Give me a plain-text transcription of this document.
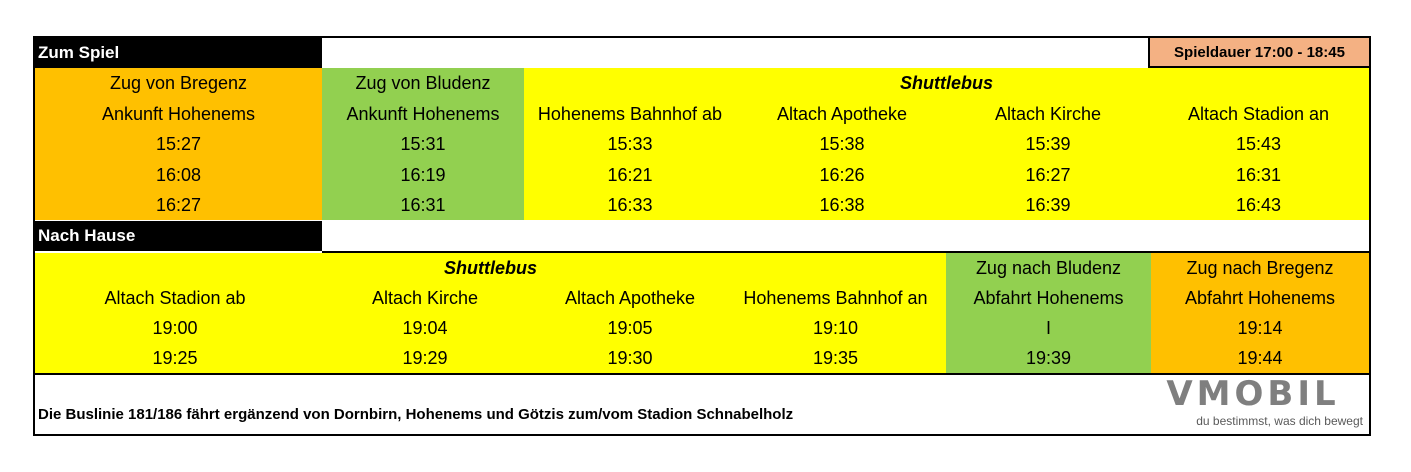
Zum Spiel	Spieldauer 17:00 - 18:45
Zug von Bregenz
Ankunft Hohenems
15:27
16:08
16:27
Zug von Bludenz
Ankunft Hohenems
15:31
16:19
16:31
Shuttlebus
Hohenems Bahnhof ab
15:33
16:21
16:33
Altach Apotheke
15:38
16:26
16:38
Altach Kirche
15:39
16:27
16:39
Altach Stadion an
15:43
16:31
16:43
Nach Hause
Shuttlebus
Altach Stadion ab
19:00
19:25
Altach Kirche
19:04
19:29
Altach Apotheke
19:05
19:30
Hohenems Bahnhof an
19:10
19:35
Zug nach Bludenz
Abfahrt Hohenems
I
19:39
Zug nach Bregenz
Abfahrt Hohenems
19:14
19:44
Die Buslinie 181/186 fährt ergänzend von Dornbirn, Hohenems und Götzis zum/vom Stadion Schnabelholz
VMOBIL
du bestimmst, was dich bewegt
